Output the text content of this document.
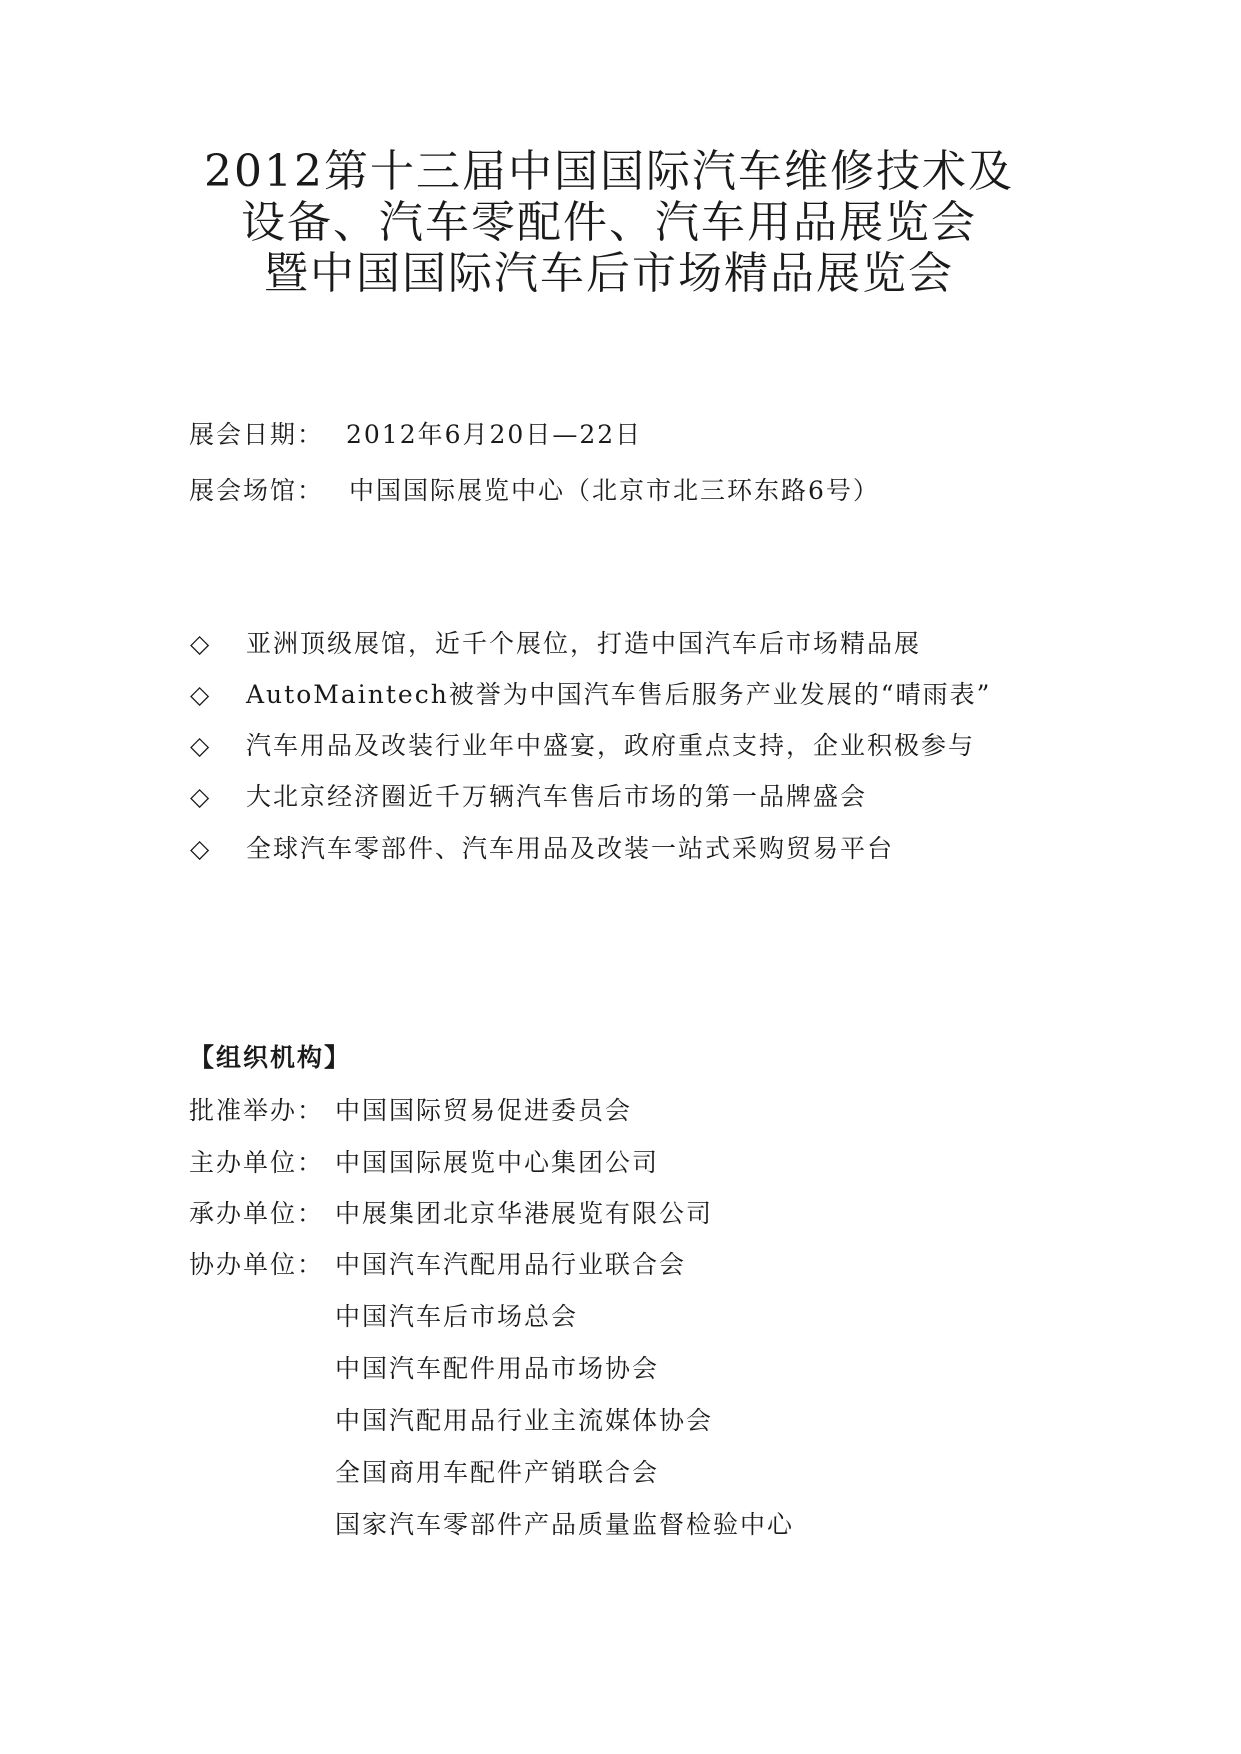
2012第十三届中国国际汽车维修技术及
设备、汽车零配件、汽车用品展览会
暨中国国际汽车后市场精品展览会
展会日期： 2012年6月20日—22日
展会场馆： 中国国际展览中心（北京市北三环东路6号）
◇ 亚洲顶级展馆，近千个展位，打造中国汽车后市场精品展
◇ AutoMaintech被誉为中国汽车售后服务产业发展的“晴雨表”
◇ 汽车用品及改装行业年中盛宴，政府重点支持，企业积极参与
◇ 大北京经济圈近千万辆汽车售后市场的第一品牌盛会
◇ 全球汽车零部件、汽车用品及改装一站式采购贸易平台
【组织机构】
批准举办： 中国国际贸易促进委员会
主办单位： 中国国际展览中心集团公司
承办单位： 中展集团北京华港展览有限公司
协办单位： 中国汽车汽配用品行业联合会
中国汽车后市场总会
中国汽车配件用品市场协会
中国汽配用品行业主流媒体协会
全国商用车配件产销联合会
国家汽车零部件产品质量监督检验中心
